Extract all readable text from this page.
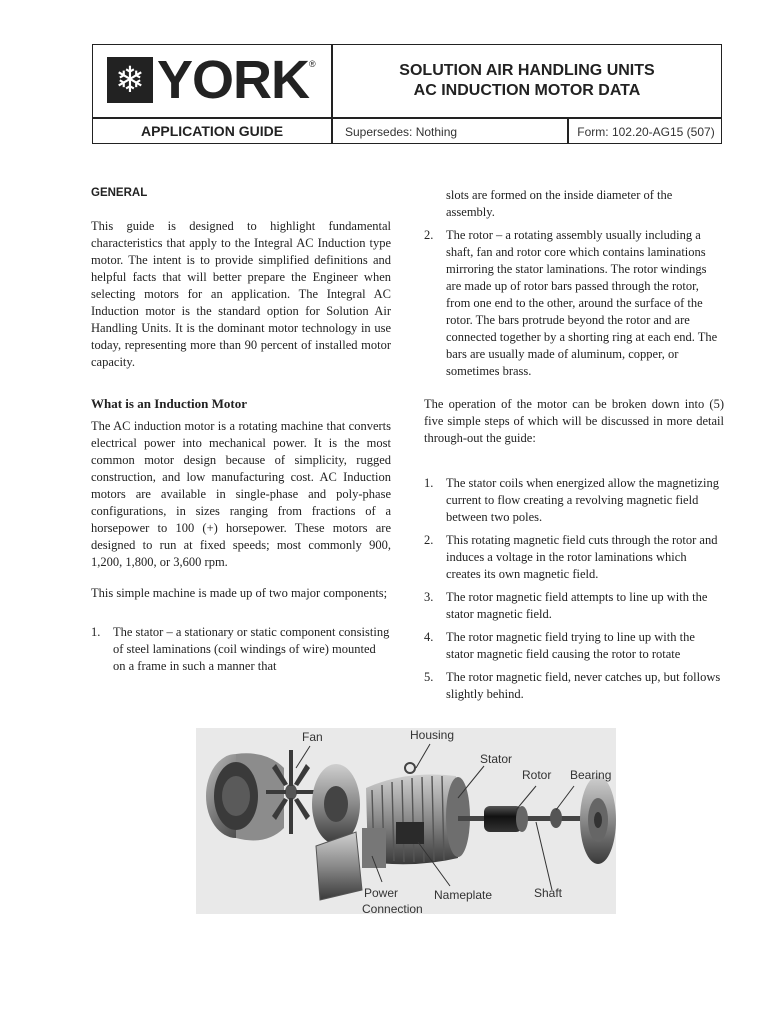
❄ YORK ®	SOLUTION AIR HANDLING UNITS
AC INDUCTION MOTOR DATA
APPLICATION GUIDE	Supersedes: Nothing	Form: 102.20-AG15 (507)
GENERAL

This guide is designed to highlight fundamental characteristics that apply to the Integral AC Induction type motor. The intent is to provide simplified definitions and helpful facts that will better prepare the Engineer when selecting motors for an application. The Integral AC Induction motor is the standard option for Solution Air Handling Units. It is the dominant motor technology in use today, representing more than 90 percent of installed motor capacity.

What is an Induction Motor

The AC induction motor is a rotating machine that converts electrical power into mechanical power. It is the most common motor design because of simplicity, rugged construction, and low manufacturing cost. AC Induction motors are available in single-phase and poly-phase configurations, in sizes ranging from fractions of a horsepower to 100 (+) horsepower. These motors are designed to run at fixed speeds; most commonly 900, 1,200, 1,800, or 3,600 rpm.

This simple machine is made up of two major components;

1.	The stator – a stationary or static component consisting of steel laminations (coil windings of wire) mounted on a frame in such a manner that
slots are formed on the inside diameter of the assembly.
2.	The rotor – a rotating assembly usually including a shaft, fan and rotor core which contains laminations mirroring the stator laminations. The rotor windings are made up of rotor bars passed through the rotor, from one end to the other, around the surface of the rotor. The bars protrude beyond the rotor and are connected together by a shorting ring at each end. The bars are usually made of aluminum, copper, or sometimes brass.

The operation of the motor can be broken down into (5) five simple steps of which will be discussed in more detail through-out the guide:

1.	The stator coils when energized allow the magnetizing current to flow creating a revolving magnetic field between two poles.
2.	This rotating magnetic field cuts through the rotor and induces a voltage in the rotor laminations which creates its own magnetic field.
3.	The rotor magnetic field attempts to line up with the stator magnetic field.
4.	The rotor magnetic field trying to line up with the stator magnetic field causing the rotor to rotate
5.	The rotor magnetic field, never catches up, but follows slightly behind.
Fan	Housing
Stator
Rotor Bearing
Power
Connection
Nameplate	Shaft
